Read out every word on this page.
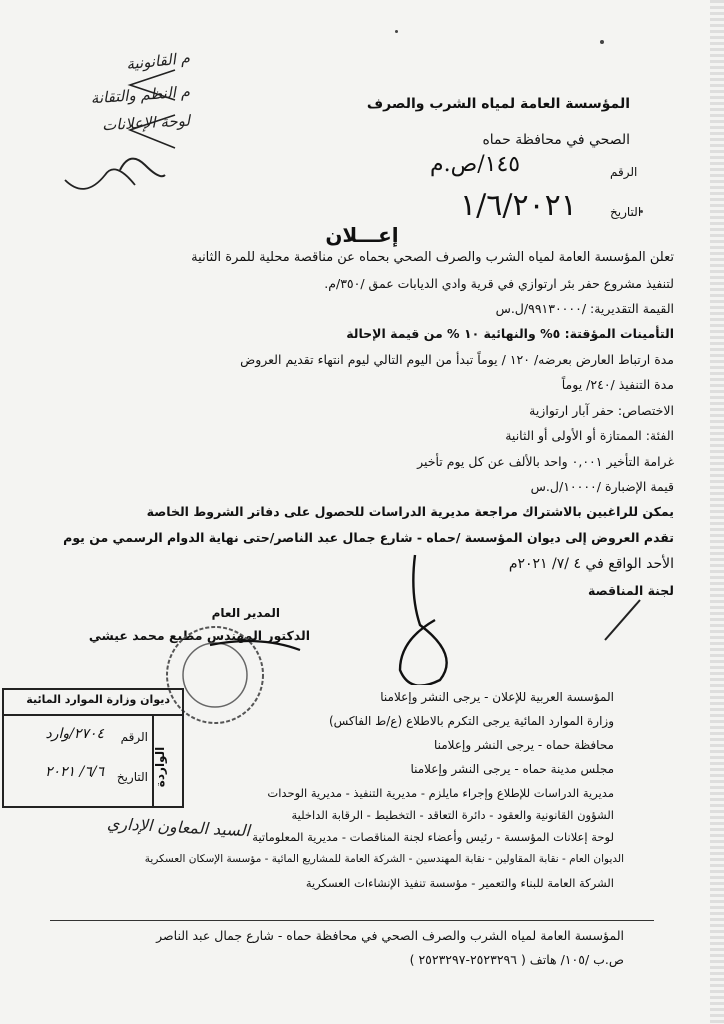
م القانونية
م النظم والتقانة
لوحة الإعلانات
المؤسسة العامة لمياه الشرب والصرف
الصحي في محافظة حماه
الرقم
١٤٥/ص.م
التاريخ
١/٦/٢٠٢١
إعـــلان
تعلن المؤسسة العامة لمياه الشرب والصرف الصحي بحماه عن مناقصة محلية للمرة الثانية
لتنفيذ مشروع حفر بئر ارتوازي في قرية وادي الديابات عمق /٣٥٠/م.
القيمة التقديرية: /٩٩١٣٠٠٠٠/ل.س
التأمينات المؤقتة: ٥% والنهائية ١٠ % من قيمة الإحالة
مدة ارتباط العارض بعرضه/ ١٢٠ / يوماً تبدأ من اليوم التالي ليوم انتهاء تقديم العروض
مدة التنفيذ /٢٤٠/ يوماً
الاختصاص: حفر آبار ارتوازية
الفئة: الممتازة أو الأولى أو الثانية
غرامة التأخير ٠,٠٠١ واحد بالألف عن كل يوم تأخير
قيمة الإضبارة /١٠٠٠٠/ل.س
يمكن للراغبين بالاشتراك مراجعة مديرية الدراسات للحصول على دفاتر الشروط الخاصة
تقدم العروض إلى ديوان المؤسسة /حماه - شارع جمال عبد الناصر/حتى نهاية الدوام الرسمي من يوم
الأحد الواقع في ٤ /٧/ ٢٠٢١م
لجنة المناقصة
المدير العام
الدكتور المهندس مطيع محمد عيشي
ديوان وزارة الموارد المائية
الواردة
الرقم
٢٧٠٤/وارد
التاريخ
٦/٦/ ٢٠٢١
المؤسسة العربية للإعلان - يرجى النشر وإعلامنا
وزارة الموارد المائية يرجى التكرم بالاطلاع (ع/ط الفاكس)
محافظة حماه - يرجى النشر وإعلامنا
مجلس مدينة حماه - يرجى النشر وإعلامنا
مديرية الدراسات للإطلاع وإجراء مايلزم - مديرية التنفيذ - مديرية الوحدات
الشؤون القانونية والعقود - دائرة التعاقد - التخطيط - الرقابة الداخلية
لوحة إعلانات المؤسسة - رئيس وأعضاء لجنة المناقصات - مديرية المعلوماتية
الديوان العام - نقابة المقاولين - نقابة المهندسين - الشركة العامة للمشاريع المائية - مؤسسة الإسكان العسكرية
الشركة العامة للبناء والتعمير - مؤسسة تنفيذ الإنشاءات العسكرية
السيد المعاون الإداري
المؤسسة العامة لمياه الشرب والصرف الصحي في محافظة حماه - شارع جمال عبد الناصر
ص.ب /١٠٥/ هاتف ( ٢٥٢٣٢٩٦-٢٥٢٣٢٩٧ )
